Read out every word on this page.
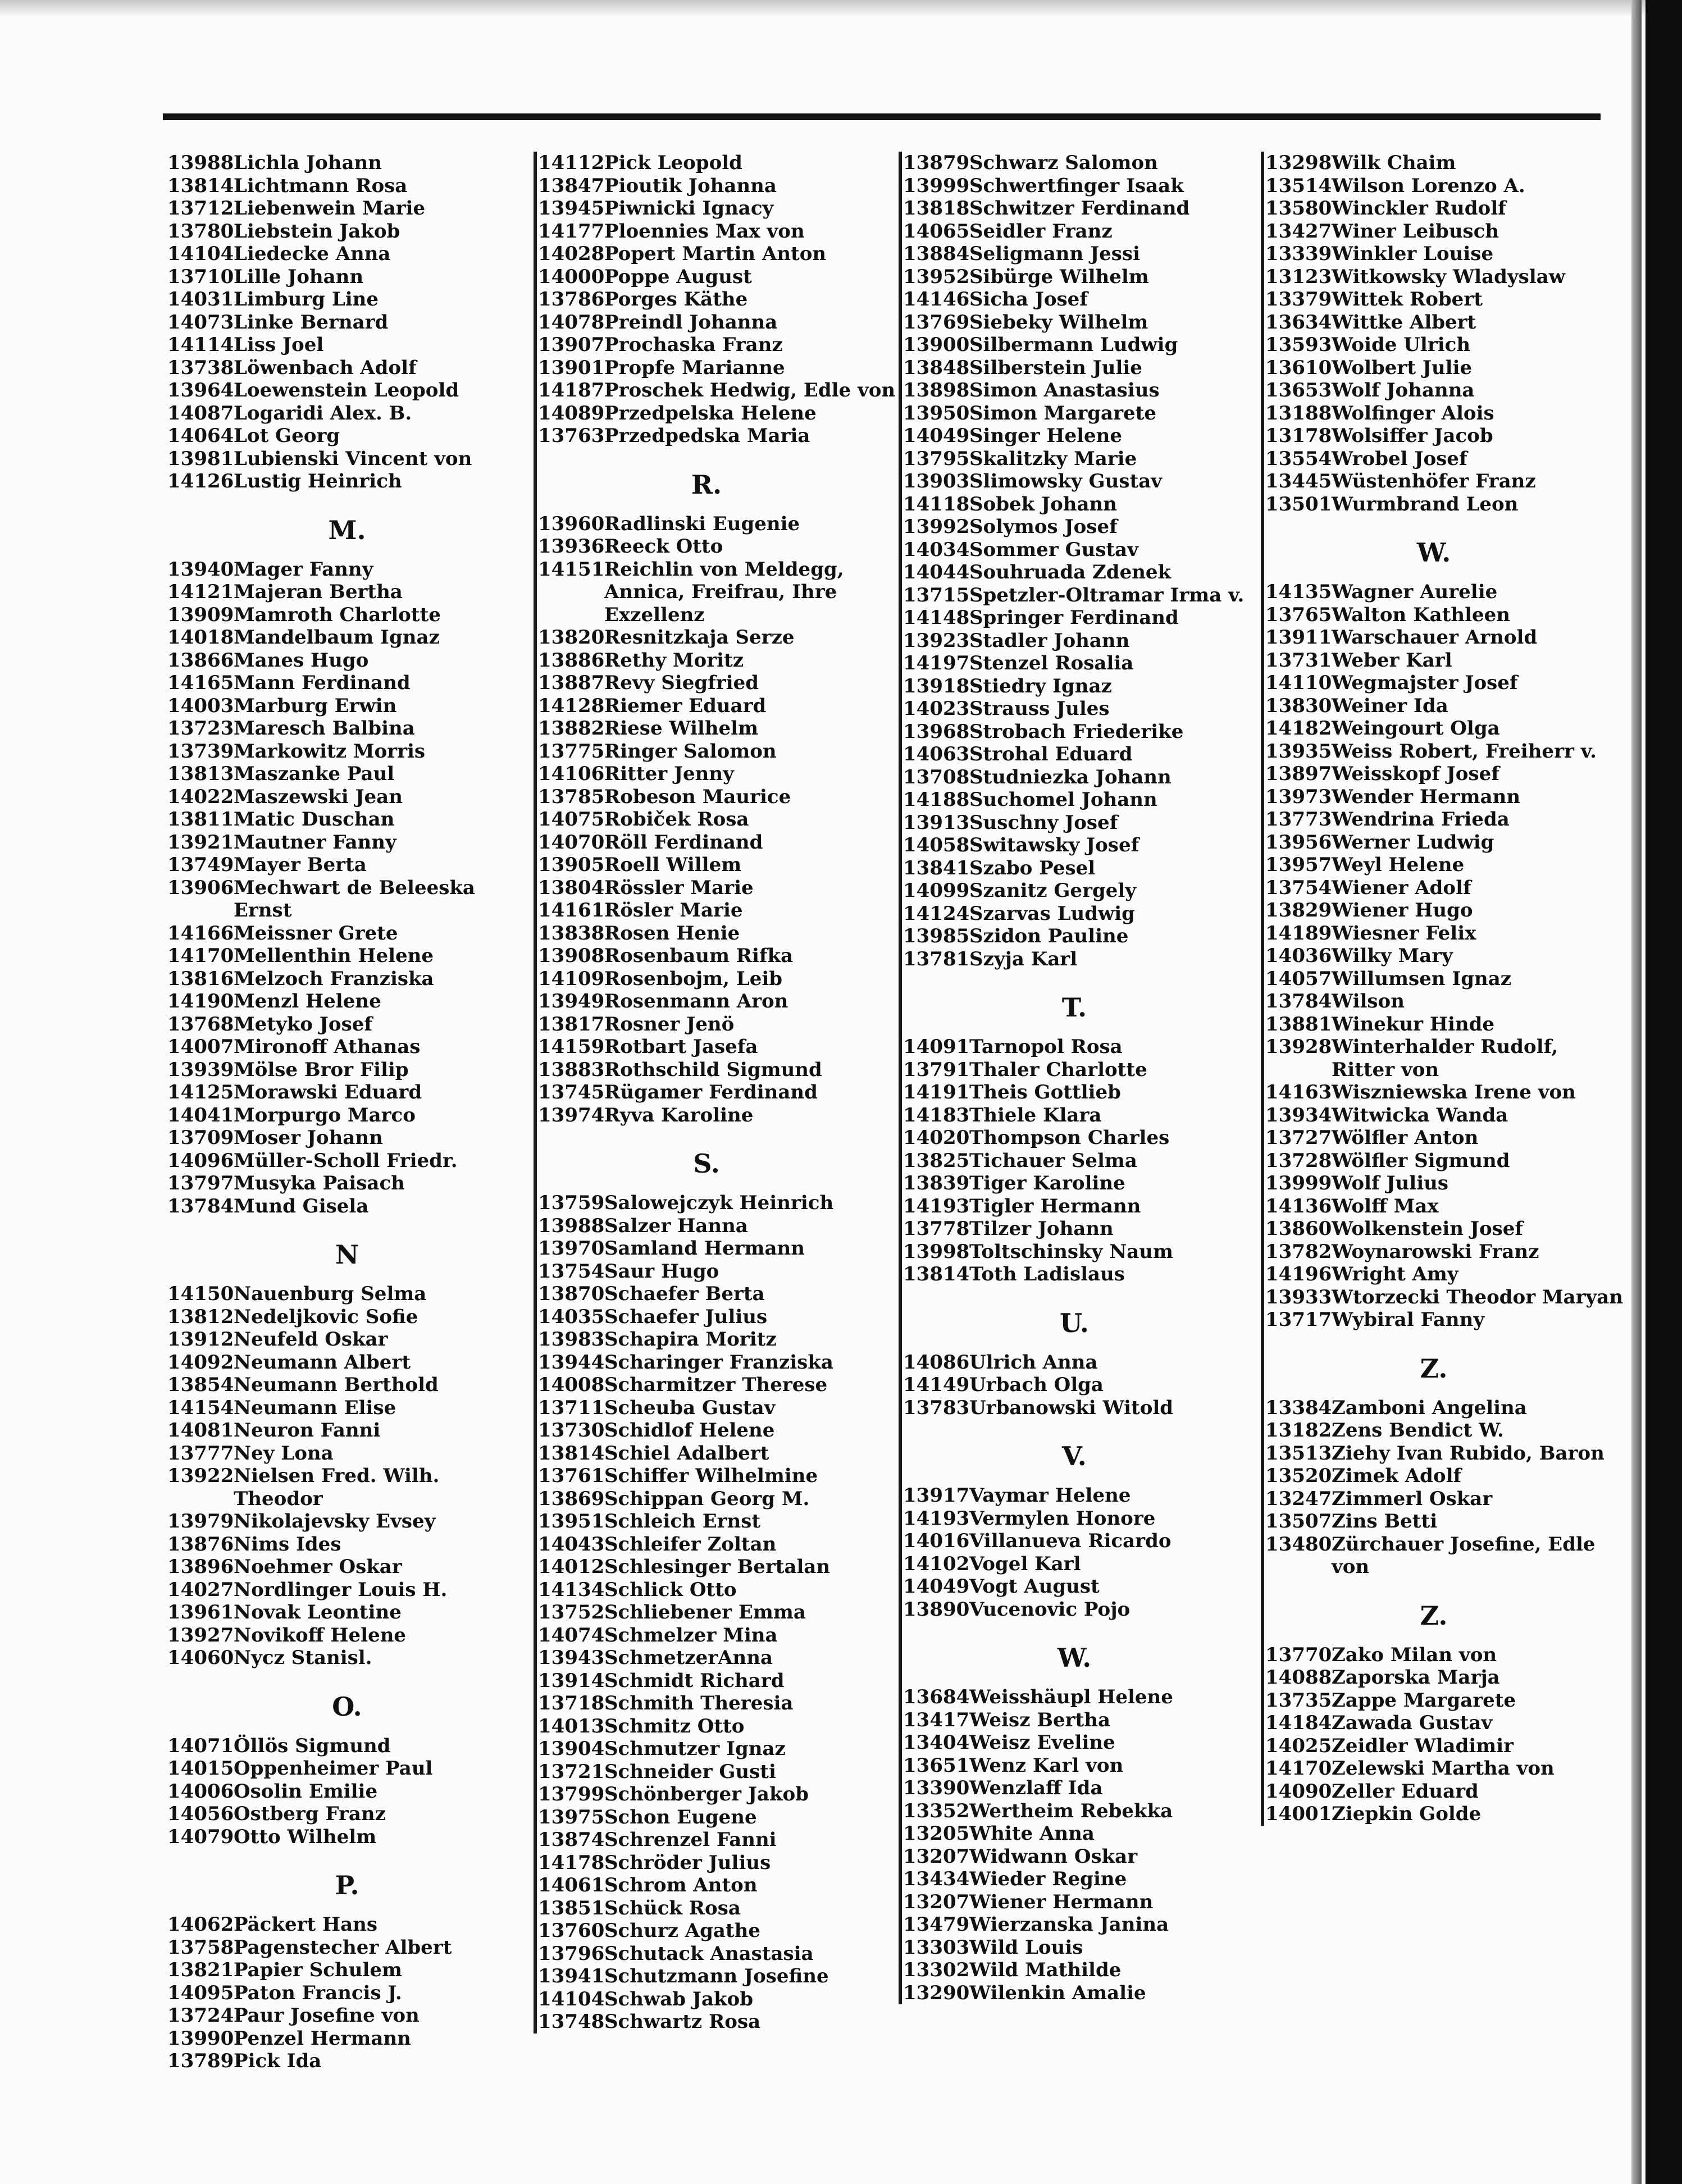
13988 Lichla Johann
13814 Lichtmann Rosa
13712 Liebenwein Marie
13780 Liebstein Jakob
14104 Liedecke Anna
13710 Lille Johann
14031 Limburg Line
14073 Linke Bernard
14114 Liss Joel
13738 Löwenbach Adolf
13964 Loewenstein Leopold
14087 Logaridi Alex. B.
14064 Lot Georg
13981 Lubienski Vincent von
14126 Lustig Heinrich
M.
13940 Mager Fanny
14121 Majeran Bertha
13909 Mamroth Charlotte
14018 Mandelbaum Ignaz
13866 Manes Hugo
14165 Mann Ferdinand
14003 Marburg Erwin
13723 Maresch Balbina
13739 Markowitz Morris
13813 Maszanke Paul
14022 Maszewski Jean
13811 Matic Duschan
13921 Mautner Fanny
13749 Mayer Berta
13906 Mechwart de Beleeska Ernst
14166 Meissner Grete
14170 Mellenthin Helene
13816 Melzoch Franziska
14190 Menzl Helene
13768 Metyko Josef
14007 Mironoff Athanas
13939 Mölse Bror Filip
14125 Morawski Eduard
14041 Morpurgo Marco
13709 Moser Johann
14096 Müller-Scholl Friedr.
13797 Musyka Paisach
13784 Mund Gisela
N
14150 Nauenburg Selma
13812 Nedeljkovic Sofie
13912 Neufeld Oskar
14092 Neumann Albert
13854 Neumann Berthold
14154 Neumann Elise
14081 Neuron Fanni
13777 Ney Lona
13922 Nielsen Fred. Wilh. Theodor
13979 Nikolajevsky Evsey
13876 Nims Ides
13896 Noehmer Oskar
14027 Nordlinger Louis H.
13961 Novak Leontine
13927 Novikoff Helene
14060 Nycz Stanisl.
O.
14071 Öllös Sigmund
14015 Oppenheimer Paul
14006 Osolin Emilie
14056 Ostberg Franz
14079 Otto Wilhelm
P.
14062 Päckert Hans
13758 Pagenstecher Albert
13821 Papier Schulem
14095 Paton Francis J.
13724 Paur Josefine von
13990 Penzel Hermann
13789 Pick Ida
14112 Pick Leopold
13847 Pioutik Johanna
13945 Piwnicki Ignacy
14177 Ploennies Max von
14028 Popert Martin Anton
14000 Poppe August
13786 Porges Käthe
14078 Preindl Johanna
13907 Prochaska Franz
13901 Propfe Marianne
14187 Proschek Hedwig, Edle von
14089 Przedpelska Helene
13763 Przedpedska Maria
R.
13960 Radlinski Eugenie
13936 Reeck Otto
14151 Reichlin von Meldegg, Annica, Freifrau, Ihre Exzellenz
13820 Resnitzkaja Serze
13886 Rethy Moritz
13887 Revy Siegfried
14128 Riemer Eduard
13882 Riese Wilhelm
13775 Ringer Salomon
14106 Ritter Jenny
13785 Robeson Maurice
14075 Robiček Rosa
14070 Röll Ferdinand
13905 Roell Willem
13804 Rössler Marie
14161 Rösler Marie
13838 Rosen Henie
13908 Rosenbaum Rifka
14109 Rosenbojm, Leib
13949 Rosenmann Aron
13817 Rosner Jenö
14159 Rotbart Jasefa
13883 Rothschild Sigmund
13745 Rügamer Ferdinand
13974 Ryva Karoline
S.
13759 Salowejczyk Heinrich
13988 Salzer Hanna
13970 Samland Hermann
13754 Saur Hugo
13870 Schaefer Berta
14035 Schaefer Julius
13983 Schapira Moritz
13944 Scharinger Franziska
14008 Scharmitzer Therese
13711 Scheuba Gustav
13730 Schidlof Helene
13814 Schiel Adalbert
13761 Schiffer Wilhelmine
13869 Schippan Georg M.
13951 Schleich Ernst
14043 Schleifer Zoltan
14012 Schlesinger Bertalan
14134 Schlick Otto
13752 Schliebener Emma
14074 Schmelzer Mina
13943 SchmetzerAnna
13914 Schmidt Richard
13718 Schmith Theresia
14013 Schmitz Otto
13904 Schmutzer Ignaz
13721 Schneider Gusti
13799 Schönberger Jakob
13975 Schon Eugene
13874 Schrenzel Fanni
14178 Schröder Julius
14061 Schrom Anton
13851 Schück Rosa
13760 Schurz Agathe
13796 Schutack Anastasia
13941 Schutzmann Josefine
14104 Schwab Jakob
13748 Schwartz Rosa
13879 Schwarz Salomon
13999 Schwertfinger Isaak
13818 Schwitzer Ferdinand
14065 Seidler Franz
13884 Seligmann Jessi
13952 Sibürge Wilhelm
14146 Sicha Josef
13769 Siebeky Wilhelm
13900 Silbermann Ludwig
13848 Silberstein Julie
13898 Simon Anastasius
13950 Simon Margarete
14049 Singer Helene
13795 Skalitzky Marie
13903 Slimowsky Gustav
14118 Sobek Johann
13992 Solymos Josef
14034 Sommer Gustav
14044 Souhruada Zdenek
13715 Spetzler-Oltramar Irma v.
14148 Springer Ferdinand
13923 Stadler Johann
14197 Stenzel Rosalia
13918 Stiedry Ignaz
14023 Strauss Jules
13968 Strobach Friederike
14063 Strohal Eduard
13708 Studniezka Johann
14188 Suchomel Johann
13913 Suschny Josef
14058 Switawsky Josef
13841 Szabo Pesel
14099 Szanitz Gergely
14124 Szarvas Ludwig
13985 Szidon Pauline
13781 Szyja Karl
T.
14091 Tarnopol Rosa
13791 Thaler Charlotte
14191 Theis Gottlieb
14183 Thiele Klara
14020 Thompson Charles
13825 Tichauer Selma
13839 Tiger Karoline
14193 Tigler Hermann
13778 Tilzer Johann
13998 Toltschinsky Naum
13814 Toth Ladislaus
U.
14086 Ulrich Anna
14149 Urbach Olga
13783 Urbanowski Witold
V.
13917 Vaymar Helene
14193 Vermylen Honore
14016 Villanueva Ricardo
14102 Vogel Karl
14049 Vogt August
13890 Vucenovic Pojo
W.
13684 Weisshäupl Helene
13417 Weisz Bertha
13404 Weisz Eveline
13651 Wenz Karl von
13390 Wenzlaff Ida
13352 Wertheim Rebekka
13205 White Anna
13207 Widwann Oskar
13434 Wieder Regine
13207 Wiener Hermann
13479 Wierzanska Janina
13303 Wild Louis
13302 Wild Mathilde
13290 Wilenkin Amalie
13298 Wilk Chaim
13514 Wilson Lorenzo A.
13580 Winckler Rudolf
13427 Winer Leibusch
13339 Winkler Louise
13123 Witkowsky Wladyslaw
13379 Wittek Robert
13634 Wittke Albert
13593 Woide Ulrich
13610 Wolbert Julie
13653 Wolf Johanna
13188 Wolfinger Alois
13178 Wolsiffer Jacob
13554 Wrobel Josef
13445 Wüstenhöfer Franz
13501 Wurmbrand Leon
W.
14135 Wagner Aurelie
13765 Walton Kathleen
13911 Warschauer Arnold
13731 Weber Karl
14110 Wegmajster Josef
13830 Weiner Ida
14182 Weingourt Olga
13935 Weiss Robert, Freiherr v.
13897 Weisskopf Josef
13973 Wender Hermann
13773 Wendrina Frieda
13956 Werner Ludwig
13957 Weyl Helene
13754 Wiener Adolf
13829 Wiener Hugo
14189 Wiesner Felix
14036 Wilky Mary
14057 Willumsen Ignaz
13784 Wilson
13881 Winekur Hinde
13928 Winterhalder Rudolf, Ritter von
14163 Wiszniewska Irene von
13934 Witwicka Wanda
13727 Wölfler Anton
13728 Wölfler Sigmund
13999 Wolf Julius
14136 Wolff Max
13860 Wolkenstein Josef
13782 Woynarowski Franz
14196 Wright Amy
13933 Wtorzecki Theodor Maryan
13717 Wybiral Fanny
Z.
13384 Zamboni Angelina
13182 Zens Bendict W.
13513 Ziehy Ivan Rubido, Baron
13520 Zimek Adolf
13247 Zimmerl Oskar
13507 Zins Betti
13480 Zürchauer Josefine, Edle von
Z.
13770 Zako Milan von
14088 Zaporska Marja
13735 Zappe Margarete
14184 Zawada Gustav
14025 Zeidler Wladimir
14170 Zelewski Martha von
14090 Zeller Eduard
14001 Ziepkin Golde
